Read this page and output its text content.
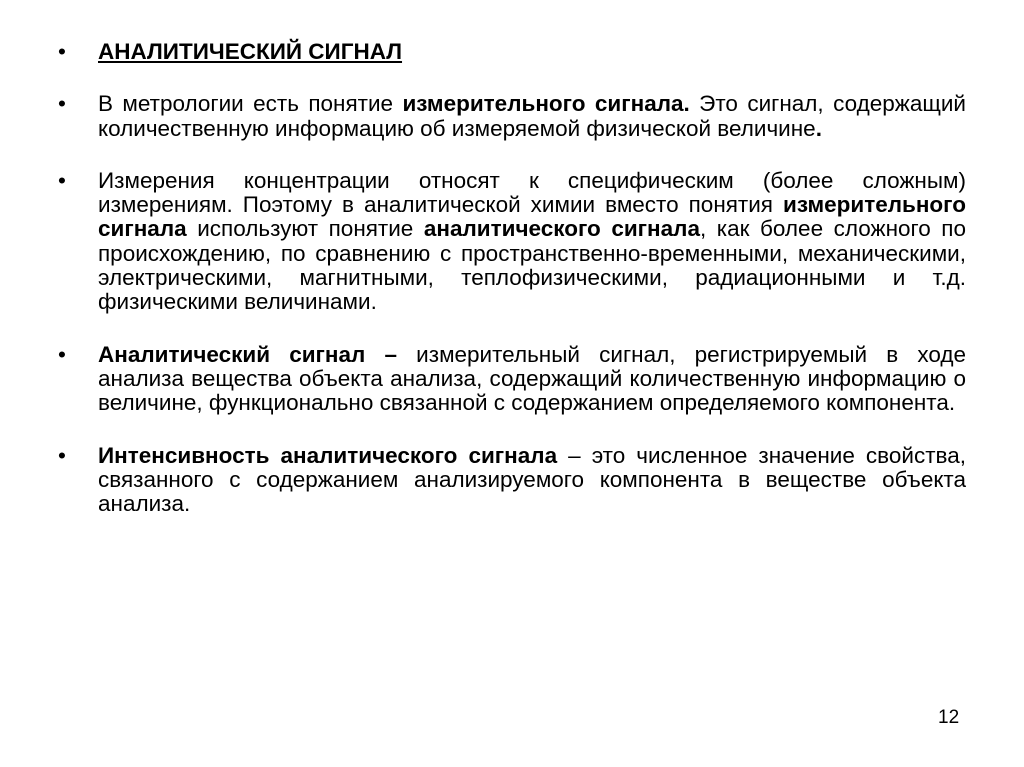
• АНАЛИТИЧЕСКИЙ СИГНАЛ
• В метрологии есть понятие измерительного сигнала. Это сигнал, содержащий количественную информацию об измеряемой физической величине.
• Измерения концентрации относят к специфическим (более сложным) измерениям. Поэтому в аналитической химии вместо понятия измерительного сигнала используют понятие аналитического сигнала, как более сложного по происхождению, по сравнению с пространственно-временными, механическими, электрическими, магнитными, теплофизическими, радиационными и т.д. физическими величинами.
• Аналитический сигнал – измерительный сигнал, регистрируемый в ходе анализа вещества объекта анализа, содержащий количественную информацию о величине, функционально связанной с содержанием определяемого компонента.
• Интенсивность аналитического сигнала – это численное значение свойства, связанного с содержанием анализируемого компонента в веществе объекта анализа.
12
